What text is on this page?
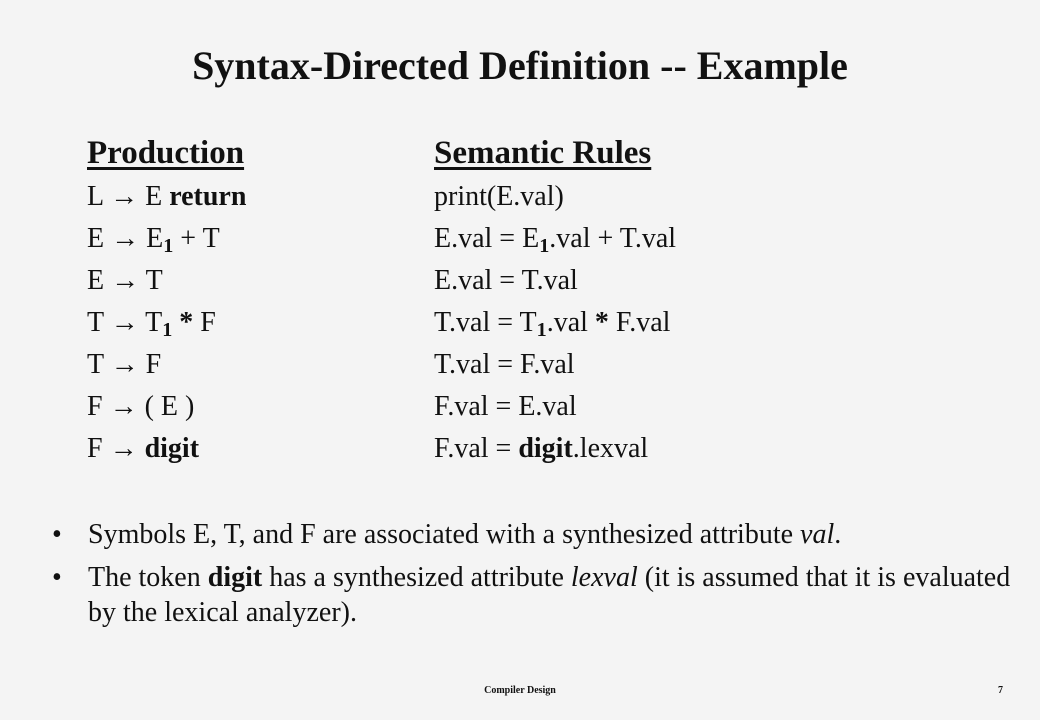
Syntax-Directed Definition -- Example
Production	Semantic Rules
L → E return	print(E.val)
$E \to E_1 + T$	$E.val = E_1.val + T.val$
E → T	E.val = T.val
$T \to T_1 * F$	$T.val = T_1.val * F.val$
T → F	T.val = F.val
F → ( E )	F.val = E.val
F → digit	F.val = digit.lexval
• Symbols E, T, and F are associated with a synthesized attribute val.
• The token digit has a synthesized attribute lexval (it is assumed that it is evaluated by the lexical analyzer).
Compiler Design	7
